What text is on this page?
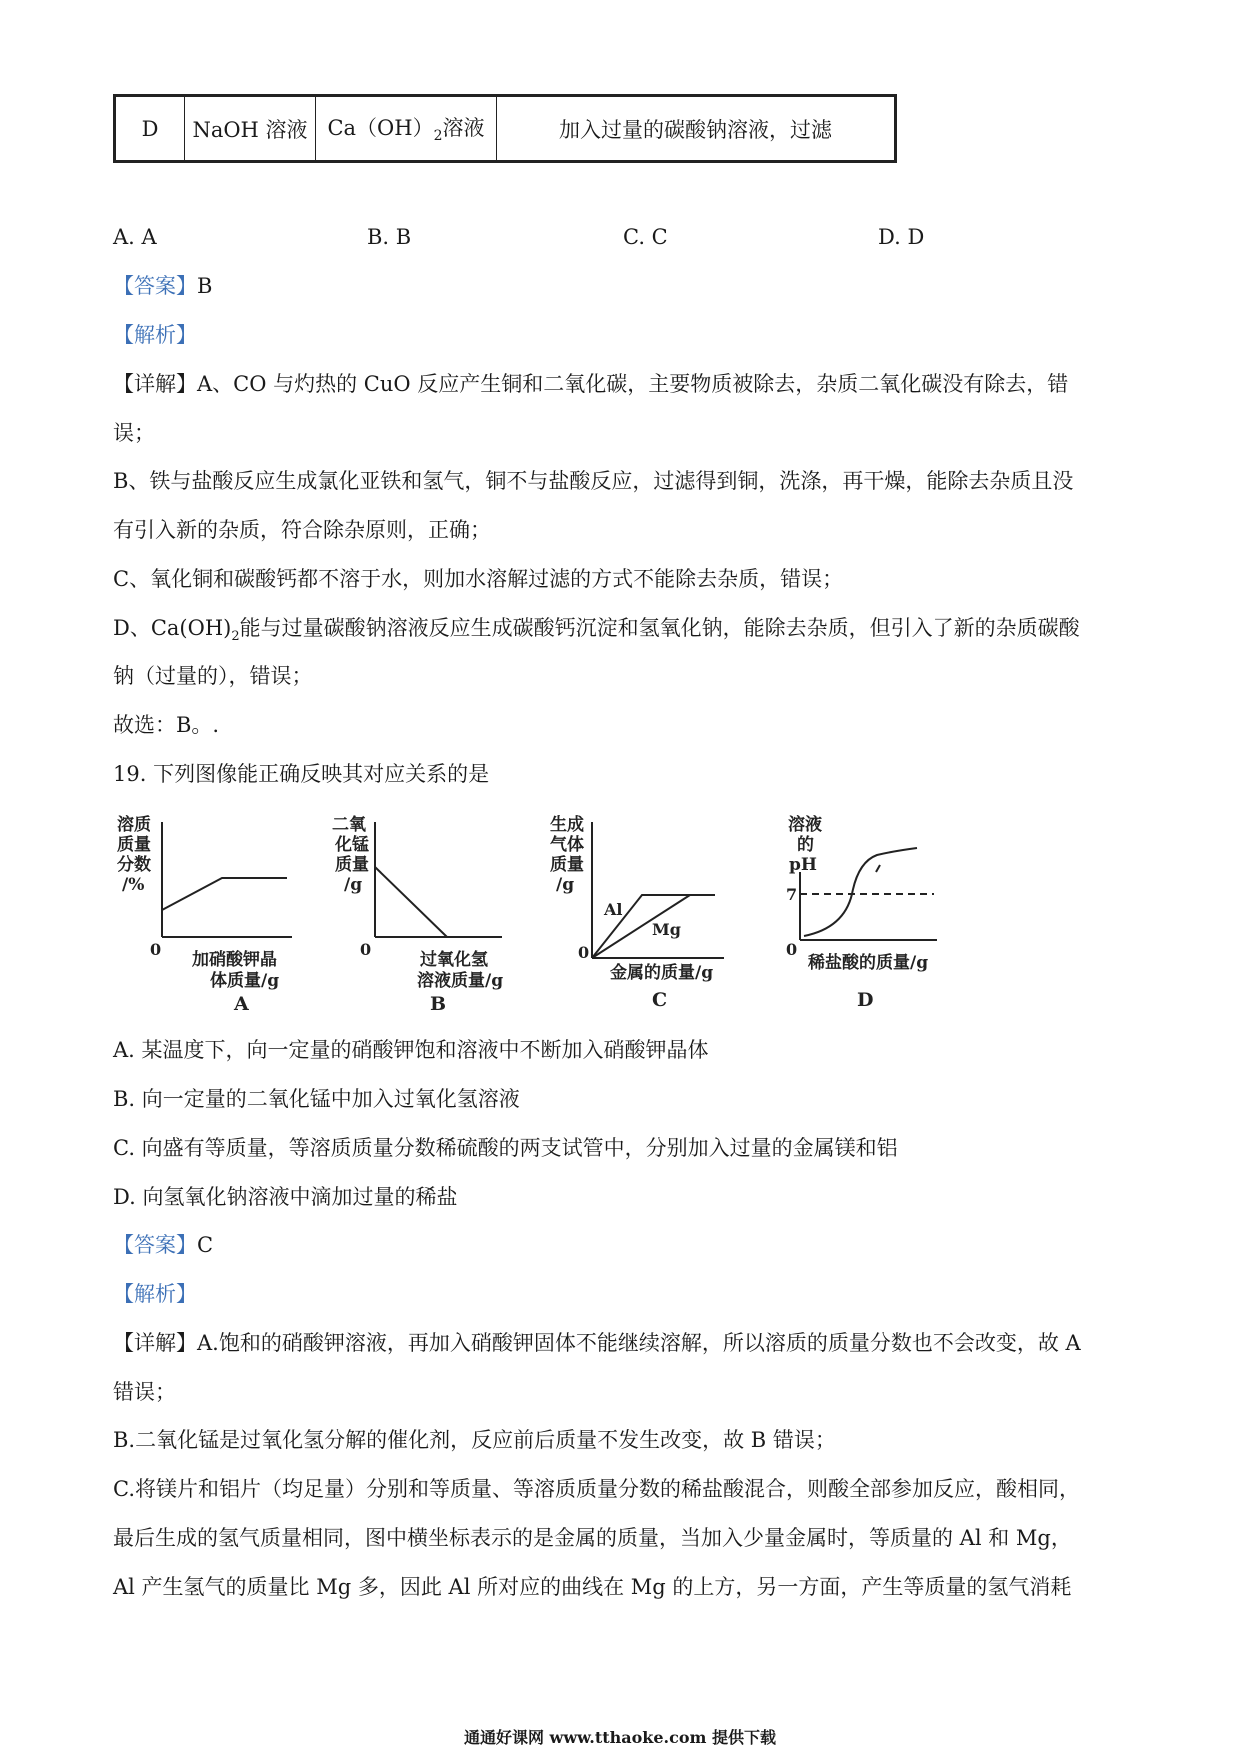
D	NaOH 溶液	$Ca(OH)_2$溶液	加入过量的碳酸钠溶液，过滤
A. A	B. B	C. C	D. D
【答案】B
【解析】
【详解】A、CO 与灼热的 CuO 反应产生铜和二氧化碳，主要物质被除去，杂质二氧化碳没有除去，错
误；
B、铁与盐酸反应生成氯化亚铁和氢气，铜不与盐酸反应，过滤得到铜，洗涤，再干燥，能除去杂质且没
有引入新的杂质，符合除杂原则，正确；
C、氧化铜和碳酸钙都不溶于水，则加水溶解过滤的方式不能除去杂质，错误；
D、$Ca(OH)_2$能与过量碳酸钠溶液反应生成碳酸钙沉淀和氢氧化钠，能除去杂质，但引入了新的杂质碳酸
钠（过量的），错误；
故选：B。.
19. 下列图像能正确反映其对应关系的是
溶质
质量
分数
/%
0
加硝酸钾晶
体质量/g
A
二氧
化锰
质量
/g
0
过氧化氢
溶液质量/g
B
生成
气体
质量
/g
Al
Mg
0
金属的质量/g
C
溶液
的
pH
7
0
稀盐酸的质量/g
D
A. 某温度下，向一定量的硝酸钾饱和溶液中不断加入硝酸钾晶体
B. 向一定量的二氧化锰中加入过氧化氢溶液
C. 向盛有等质量，等溶质质量分数稀硫酸的两支试管中，分别加入过量的金属镁和铝
D. 向氢氧化钠溶液中滴加过量的稀盐
【答案】C
【解析】
【详解】A.饱和的硝酸钾溶液，再加入硝酸钾固体不能继续溶解，所以溶质的质量分数也不会改变，故 A
错误；
B.二氧化锰是过氧化氢分解的催化剂，反应前后质量不发生改变，故 B 错误；
C.将镁片和铝片（均足量）分别和等质量、等溶质质量分数的稀盐酸混合，则酸全部参加反应，酸相同，
最后生成的氢气质量相同，图中横坐标表示的是金属的质量，当加入少量金属时，等质量的 Al 和 Mg，
Al 产生氢气的质量比 Mg 多，因此 Al 所对应的曲线在 Mg 的上方，另一方面，产生等质量的氢气消耗
通通好课网 www.tthaoke.com 提供下载
